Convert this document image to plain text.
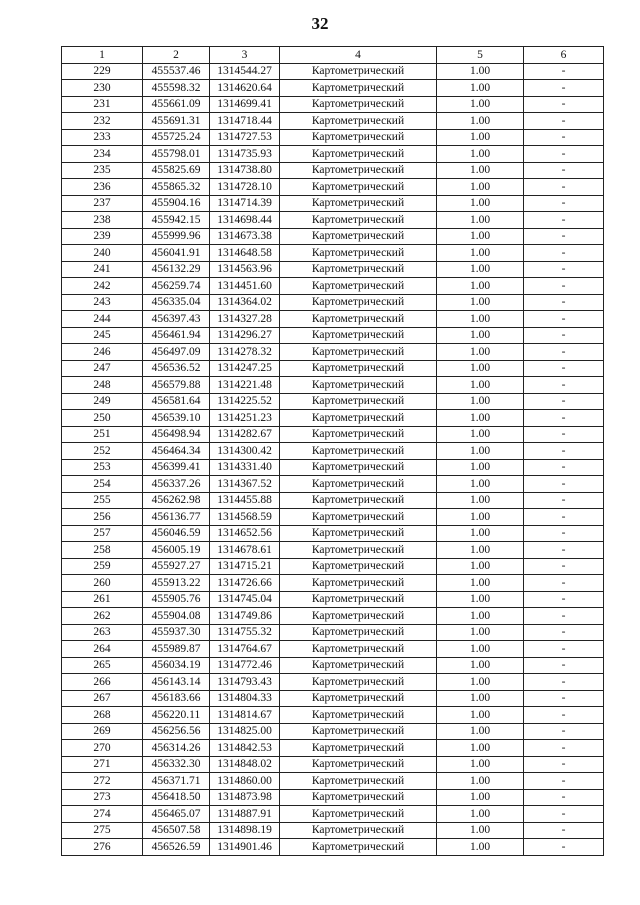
32
1	2	3	4	5	6
229	455537.46	1314544.27	Картометрический	1.00	-
230	455598.32	1314620.64	Картометрический	1.00	-
231	455661.09	1314699.41	Картометрический	1.00	-
232	455691.31	1314718.44	Картометрический	1.00	-
233	455725.24	1314727.53	Картометрический	1.00	-
234	455798.01	1314735.93	Картометрический	1.00	-
235	455825.69	1314738.80	Картометрический	1.00	-
236	455865.32	1314728.10	Картометрический	1.00	-
237	455904.16	1314714.39	Картометрический	1.00	-
238	455942.15	1314698.44	Картометрический	1.00	-
239	455999.96	1314673.38	Картометрический	1.00	-
240	456041.91	1314648.58	Картометрический	1.00	-
241	456132.29	1314563.96	Картометрический	1.00	-
242	456259.74	1314451.60	Картометрический	1.00	-
243	456335.04	1314364.02	Картометрический	1.00	-
244	456397.43	1314327.28	Картометрический	1.00	-
245	456461.94	1314296.27	Картометрический	1.00	-
246	456497.09	1314278.32	Картометрический	1.00	-
247	456536.52	1314247.25	Картометрический	1.00	-
248	456579.88	1314221.48	Картометрический	1.00	-
249	456581.64	1314225.52	Картометрический	1.00	-
250	456539.10	1314251.23	Картометрический	1.00	-
251	456498.94	1314282.67	Картометрический	1.00	-
252	456464.34	1314300.42	Картометрический	1.00	-
253	456399.41	1314331.40	Картометрический	1.00	-
254	456337.26	1314367.52	Картометрический	1.00	-
255	456262.98	1314455.88	Картометрический	1.00	-
256	456136.77	1314568.59	Картометрический	1.00	-
257	456046.59	1314652.56	Картометрический	1.00	-
258	456005.19	1314678.61	Картометрический	1.00	-
259	455927.27	1314715.21	Картометрический	1.00	-
260	455913.22	1314726.66	Картометрический	1.00	-
261	455905.76	1314745.04	Картометрический	1.00	-
262	455904.08	1314749.86	Картометрический	1.00	-
263	455937.30	1314755.32	Картометрический	1.00	-
264	455989.87	1314764.67	Картометрический	1.00	-
265	456034.19	1314772.46	Картометрический	1.00	-
266	456143.14	1314793.43	Картометрический	1.00	-
267	456183.66	1314804.33	Картометрический	1.00	-
268	456220.11	1314814.67	Картометрический	1.00	-
269	456256.56	1314825.00	Картометрический	1.00	-
270	456314.26	1314842.53	Картометрический	1.00	-
271	456332.30	1314848.02	Картометрический	1.00	-
272	456371.71	1314860.00	Картометрический	1.00	-
273	456418.50	1314873.98	Картометрический	1.00	-
274	456465.07	1314887.91	Картометрический	1.00	-
275	456507.58	1314898.19	Картометрический	1.00	-
276	456526.59	1314901.46	Картометрический	1.00	-
